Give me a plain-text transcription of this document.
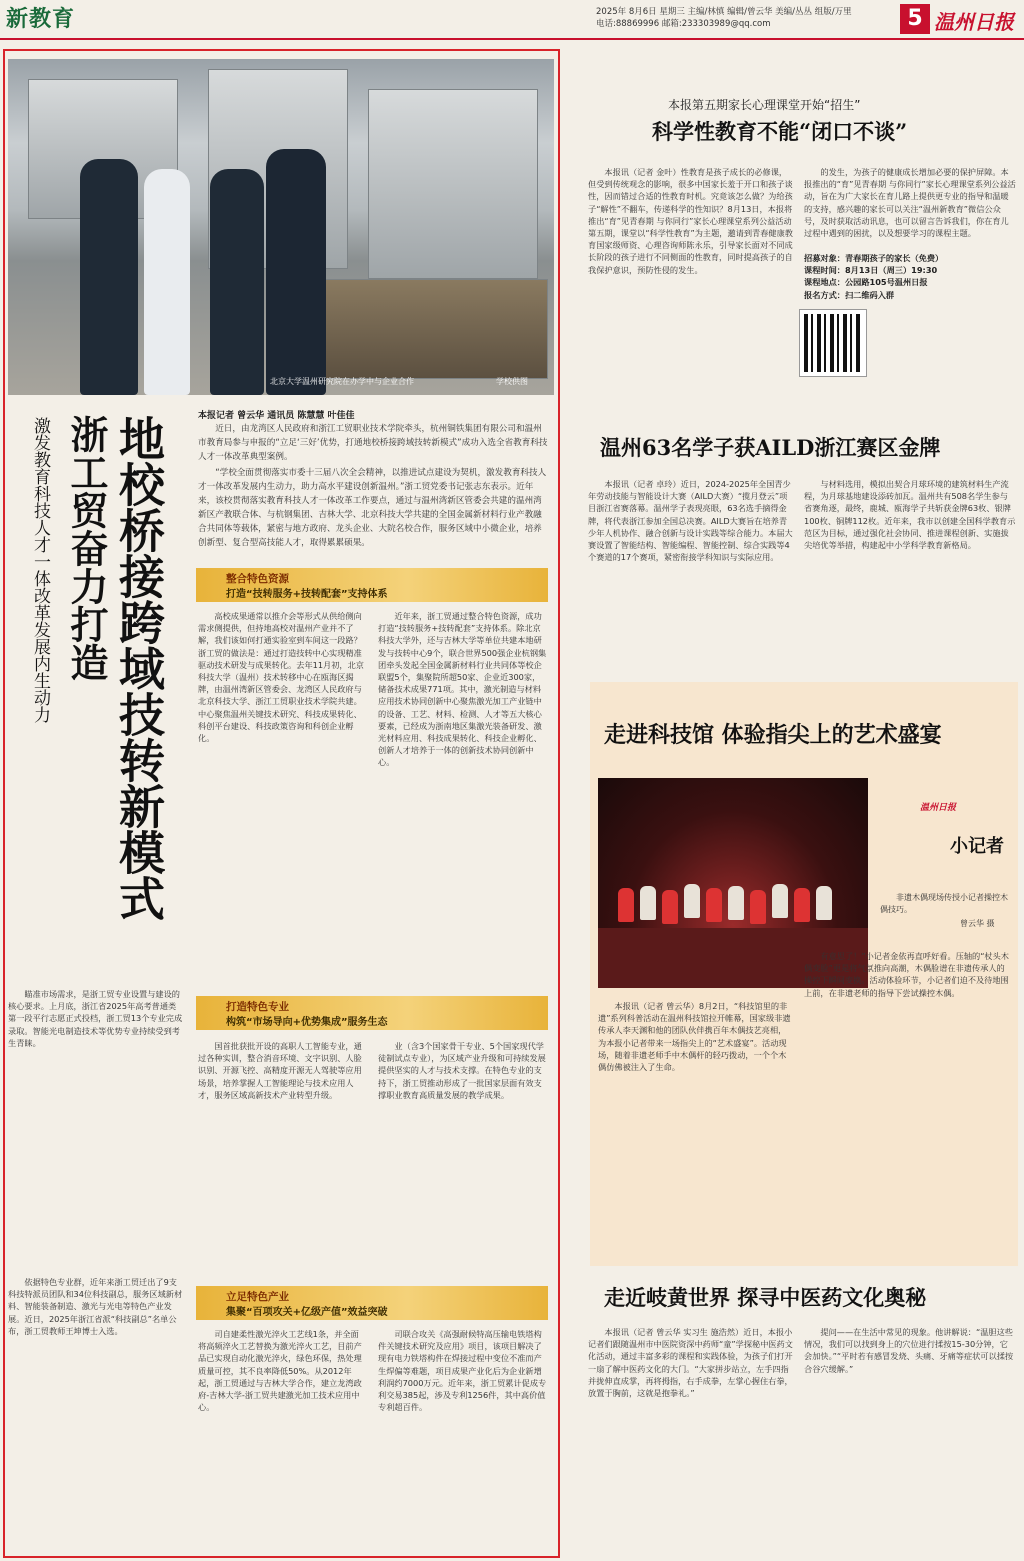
新教育	2025年 8月6日 星期三 主编/林慎 编辑/曾云华 美编/丛丛 组版/万里
电话:88869996 邮箱:233303989@qq.com	5 温州日报
北京大学温州研究院在办学中与企业合作	学校供图
地校桥接跨域技转新模式
浙工贸奋力打造
激发教育科技人才一体改革发展内生动力
本报记者 曾云华 通讯员 陈慧慧 叶佳佳
近日，由龙湾区人民政府和浙江工贸职业技术学院牵头，杭州铜铁集团有限公司和温州市教育局参与申报的“立足‘三好’优势，打通地校桥接跨域技转新模式”成功入选全省教育科技人才一体改革典型案例。
“学校全面贯彻落实市委十三届八次全会精神，以推进试点建设为契机，激发教育科技人才一体改革发展内生动力，助力高水平建设创新温州。”浙工贸党委书记张志东表示。近年来，该校贯彻落实教育科技人才一体改革工作要点，通过与温州湾新区管委会共建的温州湾新区产教联合体、与杭钢集团、吉林大学、北京科技大学共建的全国金属新材料行业产教融合共同体等载体，紧密与地方政府、龙头企业、大院名校合作，服务区域中小微企业，培养创新型、复合型高技能人才，取得累累硕果。
整合特色资源
打造“技转服务+技转配套”支持体系
高校成果通常以推介会等形式从供给侧向需求侧提供，但持地高校对温州产业并不了解，我们该如何打通实验室到车间这一段路？浙工贸的做法是：通过打造技转中心实现精准驱动技术研发与成果转化。去年11月初，北京科技大学（温州）技术转移中心在瓯海区揭牌，由温州湾新区管委会、龙湾区人民政府与北京科技大学、浙江工贸职业技术学院共建。中心聚焦温州关键技术研究、科技成果转化、科创平台建设、科技政策咨询和科创企业孵化。
近年来，浙工贸通过整合特色资源，成功打造“技转服务+技转配套”支持体系。除北京科技大学外，还与吉林大学等单位共建本地研发与技转中心9个，联合世界500强企业杭钢集团牵头发起全国金属新材料行业共同体等校企联盟5个，集聚院所超50家、企业近300家，储备技术成果771项。其中，激光制造与材料应用技术协同创新中心聚焦激光加工产业链中的设备、工艺、材料、检测、人才等五大核心要素，已经成为浙南地区集激光装备研发、激光材料应用、科技成果转化、科技企业孵化、创新人才培养于一体的创新技术协同创新中心。
瞄准市场需求，是浙工贸专业设置与建设的核心要求。上月底，浙江省2025年高考普通类第一段平行志愿正式投档，浙工贸13个专业完成录取。智能光电制造技术等优势专业持续受到考生青睐。
打造特色专业
构筑“市场导向+优势集成”服务生态
国首批获批开设的高职人工智能专业，通过各种实训，整合消音环境、文字识别、人脸识别、开源飞控、高精度开源无人驾驶等应用场景，培养掌握人工智能理论与技术应用人才，服务区域高新技术产业转型升级。
业（含3个国家骨干专业、5个国家现代学徒制试点专业），为区域产业升级和可持续发展提供坚实的人才与技术支撑。在特色专业的支持下，浙工贸推动形成了一批国家层面有效支撑职业教育高质量发展的教学成果。
依据特色专业群，近年来浙工贸迁出了9支科技特派员团队和34位科技副总，服务区域新材料、智能装备制造、激光与光电等特色产业发展。近日，2025年浙江省派“科技副总”名单公布，浙工贸教师王坤博士入选。
立足特色产业
集聚“百项攻关+亿级产值”效益突破
司自建柔性激光淬火工艺线1条，并全面将高频淬火工艺替换为激光淬火工艺，目前产品已实现自动化激光淬火，绿色环保，热处理质量可控，其不良率降低50%。从2012年起，浙工贸通过与吉林大学合作，建立龙湾政府-吉林大学-浙工贸共建激光加工技术应用中心。
司联合攻关《高强耐候特高压输电铁塔构件关键技术研究及应用》项目，该项目解决了现有电力铁塔构件在焊接过程中变位不准而产生焊偏等难题，项目成果产业化后为企业新增利润约7000万元。近年来，浙工贸累计促成专利交易385起，涉及专利1256件，其中高价值专利超百件。
本报第五期家长心理课堂开始“招生”
科学性教育不能“闭口不谈”
本报讯（记者 金叶）性教育是孩子成长的必修课，但受到传统观念的影响，很多中国家长羞于开口和孩子谈性，因而错过合适的性教育时机。究竟该怎么做？为给孩子“解性”不翻车，传递科学的性知识？8月13日，本报将推出“育”见青春期 与你同行”家长心理课堂系列公益活动第五期，课堂以“科学性教育”为主题，邀请到青春健康教育国家级师资、心理咨询师陈永乐，引导家长面对不同成长阶段的孩子进行不同侧面的性教育，同时提高孩子的自我保护意识，预防性侵的发生。
的发生，为孩子的健康成长增加必要的保护屏障。本报推出的“育”见青春期 与你同行”家长心理课堂系列公益活动，旨在为广大家长在育儿路上提供更专业的指导和温暖的支持，感兴趣的家长可以关注“温州新教育”微信公众号，及时获取活动讯息，也可以留言告诉我们，你在育儿过程中遇到的困扰，以及想要学习的课程主题。
招募对象：青春期孩子的家长（免费）
课程时间：8月13日（周三）19:30
课程地点：公园路105号温州日报
报名方式：扫二维码入群
温州63名学子获AILD浙江赛区金牌
本报讯（记者 卓玲）近日，2024-2025年全国青少年劳动技能与智能设计大赛（AILD大赛）“揽月登云”项目浙江省赛落幕。温州学子表现亮眼，63名选手摘得金牌，将代表浙江参加全国总决赛。AILD大赛旨在培养青少年人机协作、融合创新与设计实践等综合能力。本届大赛设置了智能结构、智能编程、智能控制、综合实践等4个赛道的17个赛项，紧密衔接学科知识与实际应用。
与材料选用，模拟出契合月球环境的建筑材料生产流程，为月球基地建设添砖加瓦。温州共有508名学生参与省赛角逐，最终，鹿城、瓯海学子共斩获金牌63枚、银牌100枚、铜牌112枚。近年来，我市以创建全国科学教育示范区为目标，通过强化社会协同、推进课程创新、实施拔尖培优等举措，构建起中小学科学教育新格局。
走进科技馆 体验指尖上的艺术盛宴
温州日报
小记者
非遗木偶现场传授小记者操控木偶技巧。
曾云华 摄
本报讯（记者 曾云华）8月2日，“科技馆里的非遗”系列科普活动在温州科技馆拉开帷幕，国家级非遗传承人李天渊和他的团队伙伴携百年木偶技艺亮相，为本报小记者带来一场指尖上的“艺术盛宴”。活动现场，随着非遗老师手中木偶杆的轻巧拨动，一个个木偶仿佛被注入了生命。
有意思了！”小记者金依再直呼好看。压轴的“杖头木偶变脸”更是将气氛推向高潮，木偶脸谱在非遗传承人的操控下瞬间变换。活动体验环节，小记者们迫不及待地围上前，在非遗老师的指导下尝试操控木偶。
走近岐黄世界 探寻中医药文化奥秘
本报讯（记者 曾云华 实习生 施浩然）近日，本报小记者们跟随温州市中医院资深中药师“童”学探秘中医药文化活动，通过丰富多彩的课程和实践体验，为孩子们打开一扇了解中医药文化的大门。“大家拼步站立，左手四指并拢伸直成掌，再将拇指，右手成拳，左掌心握住右拳，放置于胸前，这就是抱拳礼。”
提问——在生活中常见的现象。他讲解说：“温胆这些情况，我们可以找到身上的穴位进行揉按15-30分钟，它会加快。”“平时若有感冒发烧、头痛、牙痛等症状可以揉按合谷穴缓解。”
